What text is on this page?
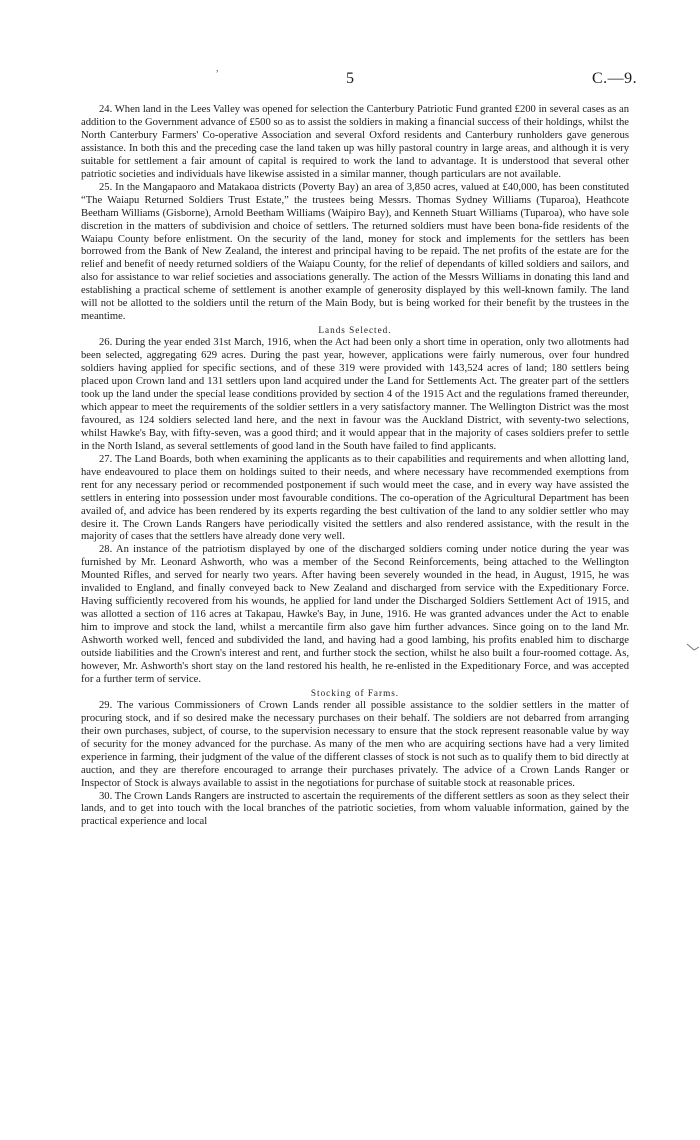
,
5	C.—9.

24. When land in the Lees Valley was opened for selection the Canterbury Patriotic Fund granted £200 in several cases as an addition to the Government advance of £500 so as to assist the soldiers in making a financial success of their holdings, whilst the North Canterbury Farmers' Co-operative Association and several Oxford residents and Canterbury runholders gave generous assistance. In both this and the preceding case the land taken up was hilly pastoral country in large areas, and although it is very suitable for settlement a fair amount of capital is required to work the land to advantage. It is understood that several other patriotic societies and individuals have likewise assisted in a similar manner, though particulars are not available.

25. In the Mangapaoro and Matakaoa districts (Poverty Bay) an area of 3,850 acres, valued at £40,000, has been constituted “The Waiapu Returned Soldiers Trust Estate,” the trustees being Messrs. Thomas Sydney Williams (Tuparoa), Heathcote Beetham Williams (Gisborne), Arnold Beetham Williams (Waipiro Bay), and Kenneth Stuart Williams (Tuparoa), who have sole discretion in the matters of subdivision and choice of settlers. The returned soldiers must have been bona-fide residents of the Waiapu County before enlistment. On the security of the land, money for stock and implements for the settlers has been borrowed from the Bank of New Zealand, the interest and principal having to be repaid. The net profits of the estate are for the relief and benefit of needy returned soldiers of the Waiapu County, for the relief of dependants of killed soldiers and sailors, and also for assistance to war relief societies and associations generally. The action of the Messrs Williams in donating this land and establishing a practical scheme of settlement is another example of generosity displayed by this well-known family. The land will not be allotted to the soldiers until the return of the Main Body, but is being worked for their benefit by the trustees in the meantime.

Lands Selected.

26. During the year ended 31st March, 1916, when the Act had been only a short time in operation, only two allotments had been selected, aggregating 629 acres. During the past year, however, applications were fairly numerous, over four hundred soldiers having applied for specific sections, and of these 319 were provided with 143,524 acres of land; 180 settlers being placed upon Crown land and 131 settlers upon land acquired under the Land for Settlements Act. The greater part of the settlers took up the land under the special lease conditions provided by section 4 of the 1915 Act and the regulations framed thereunder, which appear to meet the requirements of the soldier settlers in a very satisfactory manner. The Wellington District was the most favoured, as 124 soldiers selected land here, and the next in favour was the Auckland District, with seventy-two selections, whilst Hawke's Bay, with fifty-seven, was a good third; and it would appear that in the majority of cases soldiers prefer to settle in the North Island, as several settlements of good land in the South have failed to find applicants.

27. The Land Boards, both when examining the applicants as to their capabilities and requirements and when allotting land, have endeavoured to place them on holdings suited to their needs, and where necessary have recommended exemptions from rent for any necessary period or recommended postponement if such would meet the case, and in every way have assisted the settlers in entering into possession under most favourable conditions. The co-operation of the Agricultural Department has been availed of, and advice has been rendered by its experts regarding the best cultivation of the land to any soldier settler who may desire it. The Crown Lands Rangers have periodically visited the settlers and also rendered assistance, with the result in the majority of cases that the settlers have already done very well.

28. An instance of the patriotism displayed by one of the discharged soldiers coming under notice during the year was furnished by Mr. Leonard Ashworth, who was a member of the Second Reinforcements, being attached to the Wellington Mounted Rifles, and served for nearly two years. After having been severely wounded in the head, in August, 1915, he was invalided to England, and finally conveyed back to New Zealand and discharged from service with the Expeditionary Force. Having sufficiently recovered from his wounds, he applied for land under the Discharged Soldiers Settlement Act of 1915, and was allotted a section of 116 acres at Takapau, Hawke's Bay, in June, 1916. He was granted advances under the Act to enable him to improve and stock the land, whilst a mercantile firm also gave him further advances. Since going on to the land Mr. Ashworth worked well, fenced and subdivided the land, and having had a good lambing, his profits enabled him to discharge outside liabilities and the Crown's interest and rent, and further stock the section, whilst he also built a four-roomed cottage. As, however, Mr. Ashworth's short stay on the land restored his health, he re-enlisted in the Expeditionary Force, and was accepted for a further term of service.

Stocking of Farms.

29. The various Commissioners of Crown Lands render all possible assistance to the soldier settlers in the matter of procuring stock, and if so desired make the necessary purchases on their behalf. The soldiers are not debarred from arranging their own purchases, subject, of course, to the supervision necessary to ensure that the stock represent reasonable value by way of security for the money advanced for the purchase. As many of the men who are acquiring sections have had a very limited experience in farming, their judgment of the value of the different classes of stock is not such as to qualify them to bid directly at auction, and they are therefore encouraged to arrange their purchases privately. The advice of a Crown Lands Ranger or Inspector of Stock is always available to assist in the negotiations for purchase of suitable stock at reasonable prices.

30. The Crown Lands Rangers are instructed to ascertain the requirements of the different settlers as soon as they select their lands, and to get into touch with the local branches of the patriotic societies, from whom valuable information, gained by the practical experience and local
